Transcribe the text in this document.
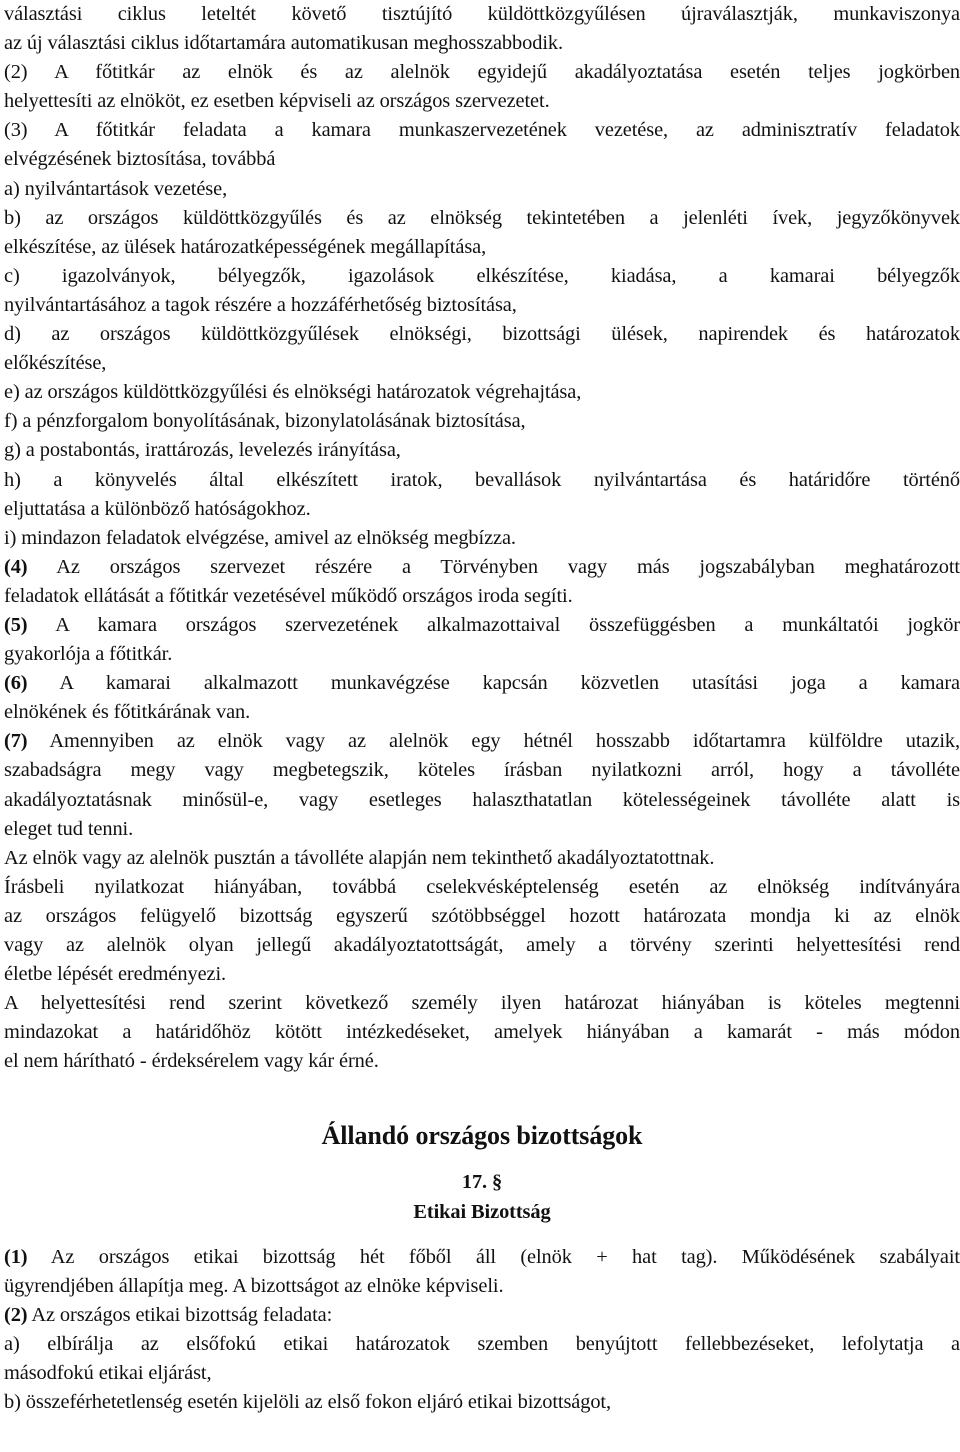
választási ciklus leteltét követő tisztújító küldöttközgyűlésen újraválasztják, munkaviszonya
az új választási ciklus időtartamára automatikusan meghosszabbodik.
(2) A főtitkár az elnök és az alelnök egyidejű akadályoztatása esetén teljes jogkörben
helyettesíti az elnököt, ez esetben képviseli az országos szervezetet.
(3) A főtitkár feladata a kamara munkaszervezetének vezetése, az adminisztratív feladatok
elvégzésének biztosítása, továbbá
a) nyilvántartások vezetése,
b) az országos küldöttközgyűlés és az elnökség tekintetében a jelenléti ívek, jegyzőkönyvek
elkészítése, az ülések határozatképességének megállapítása,
c) igazolványok, bélyegzők, igazolások elkészítése, kiadása, a kamarai bélyegzők
nyilvántartásához a tagok részére a hozzáférhetőség biztosítása,
d) az országos küldöttközgyűlések elnökségi, bizottsági ülések, napirendek és határozatok
előkészítése,
e) az országos küldöttközgyűlési és elnökségi határozatok végrehajtása,
f) a pénzforgalom bonyolításának, bizonylatolásának biztosítása,
g) a postabontás, irattározás, levelezés irányítása,
h) a könyvelés által elkészített iratok, bevallások nyilvántartása és határidőre történő
eljuttatása a különböző hatóságokhoz.
i) mindazon feladatok elvégzése, amivel az elnökség megbízza.
(4) Az országos szervezet részére a Törvényben vagy más jogszabályban meghatározott
feladatok ellátását a főtitkár vezetésével működő országos iroda segíti.
(5) A kamara országos szervezetének alkalmazottaival összefüggésben a munkáltatói jogkör
gyakorlója a főtitkár.
(6) A kamarai alkalmazott munkavégzése kapcsán közvetlen utasítási joga a kamara
elnökének és főtitkárának van.
(7) Amennyiben az elnök vagy az alelnök egy hétnél hosszabb időtartamra külföldre utazik,
szabadságra megy vagy megbetegszik, köteles írásban nyilatkozni arról, hogy a távolléte
akadályoztatásnak minősül-e, vagy esetleges halaszthatatlan kötelességeinek távolléte alatt is
eleget tud tenni.
Az elnök vagy az alelnök pusztán a távolléte alapján nem tekinthető akadályoztatottnak.
Írásbeli nyilatkozat hiányában, továbbá cselekvésképtelenség esetén az elnökség indítványára
az országos felügyelő bizottság egyszerű szótöbbséggel hozott határozata mondja ki az elnök
vagy az alelnök olyan jellegű akadályoztatottságát, amely a törvény szerinti helyettesítési rend
életbe lépését eredményezi.
A helyettesítési rend szerint következő személy ilyen határozat hiányában is köteles megtenni
mindazokat a határidőhöz kötött intézkedéseket, amelyek hiányában a kamarát - más módon
el nem hárítható - érdeksérelem vagy kár érné.
Állandó országos bizottságok
17. §
Etikai Bizottság
(1) Az országos etikai bizottság hét főből áll (elnök + hat tag). Működésének szabályait
ügyrendjében állapítja meg. A bizottságot az elnöke képviseli.
(2) Az országos etikai bizottság feladata:
a) elbírálja az elsőfokú etikai határozatok szemben benyújtott fellebbezéseket, lefolytatja a
másodfokú etikai eljárást,
b) összeférhetetlenség esetén kijelöli az első fokon eljáró etikai bizottságot,
